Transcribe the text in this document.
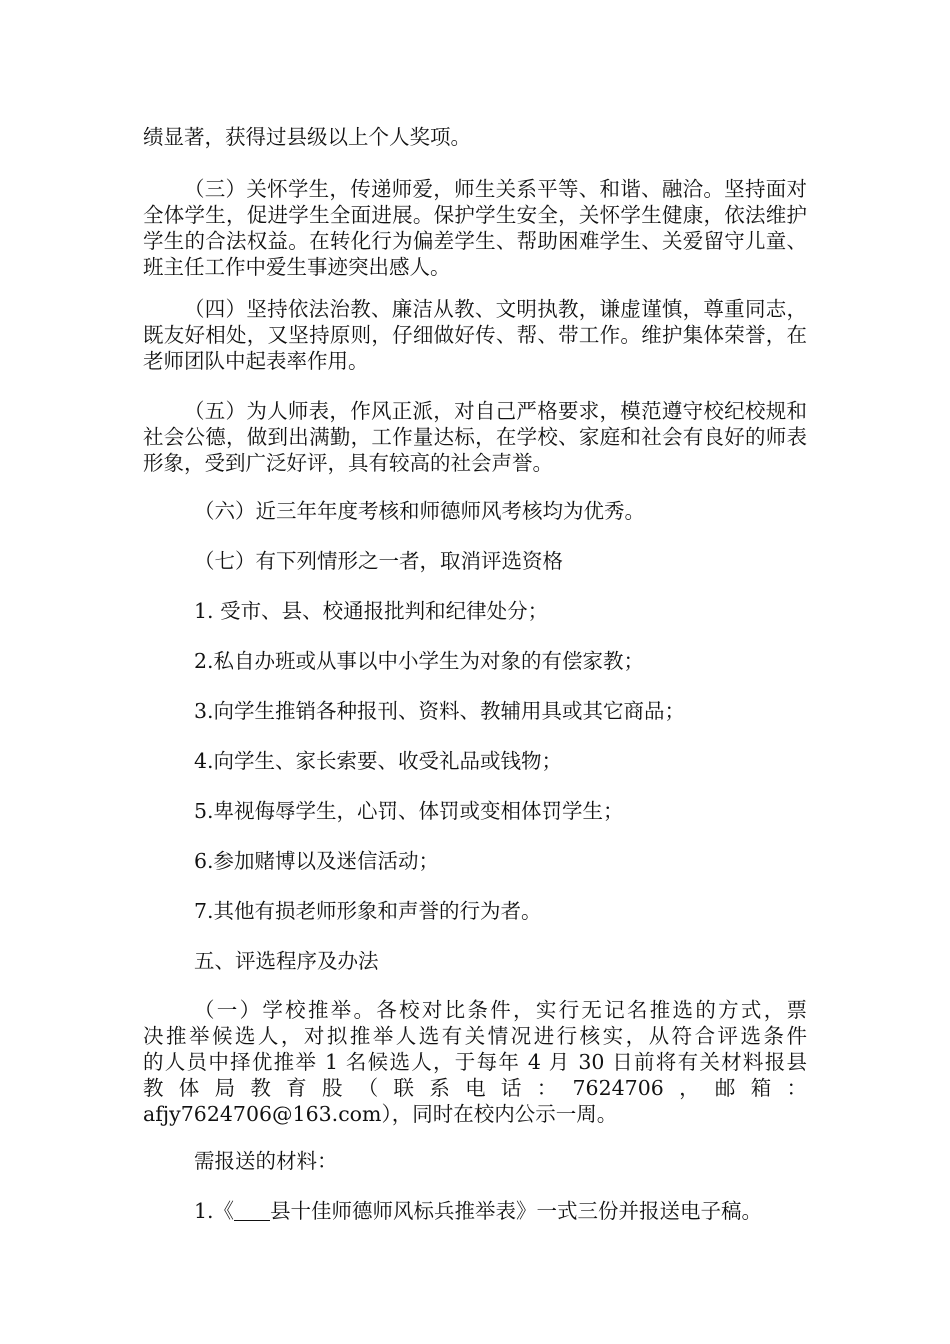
绩显著，获得过县级以上个人奖项。

（三）关怀学生，传递师爱，师生关系平等、和谐、融洽。坚持面对全体学生，促进学生全面进展。保护学生安全，关怀学生健康，依法维护学生的合法权益。在转化行为偏差学生、帮助困难学生、关爱留守儿童、班主任工作中爱生事迹突出感人。

（四）坚持依法治教、廉洁从教、文明执教，谦虚谨慎，尊重同志，既友好相处，又坚持原则，仔细做好传、帮、带工作。维护集体荣誉，在老师团队中起表率作用。

（五）为人师表，作风正派，对自己严格要求，模范遵守校纪校规和社会公德，做到出满勤，工作量达标，在学校、家庭和社会有良好的师表形象，受到广泛好评，具有较高的社会声誉。

（六）近三年年度考核和师德师风考核均为优秀。

（七）有下列情形之一者，取消评选资格

1. 受市、县、校通报批判和纪律处分；

2.私自办班或从事以中小学生为对象的有偿家教；

3.向学生推销各种报刊、资料、教辅用具或其它商品；

4.向学生、家长索要、收受礼品或钱物；

5.卑视侮辱学生，心罚、体罚或变相体罚学生；

6.参加赌博以及迷信活动；

7.其他有损老师形象和声誉的行为者。

五、评选程序及办法

（一）学校推举。各校对比条件，实行无记名推选的方式，票
决推举候选人，对拟推举人选有关情况进行核实，从符合评选条件
的人员中择优推举 1 名候选人，于每年 4 月 30 日前将有关材料报县
教体局教育股（联系电话：7624706，邮箱：
afjy7624706@163.com），同时在校内公示一周。

需报送的材料：

1.《 县十佳师德师风标兵推举表》一式三份并报送电子稿。
